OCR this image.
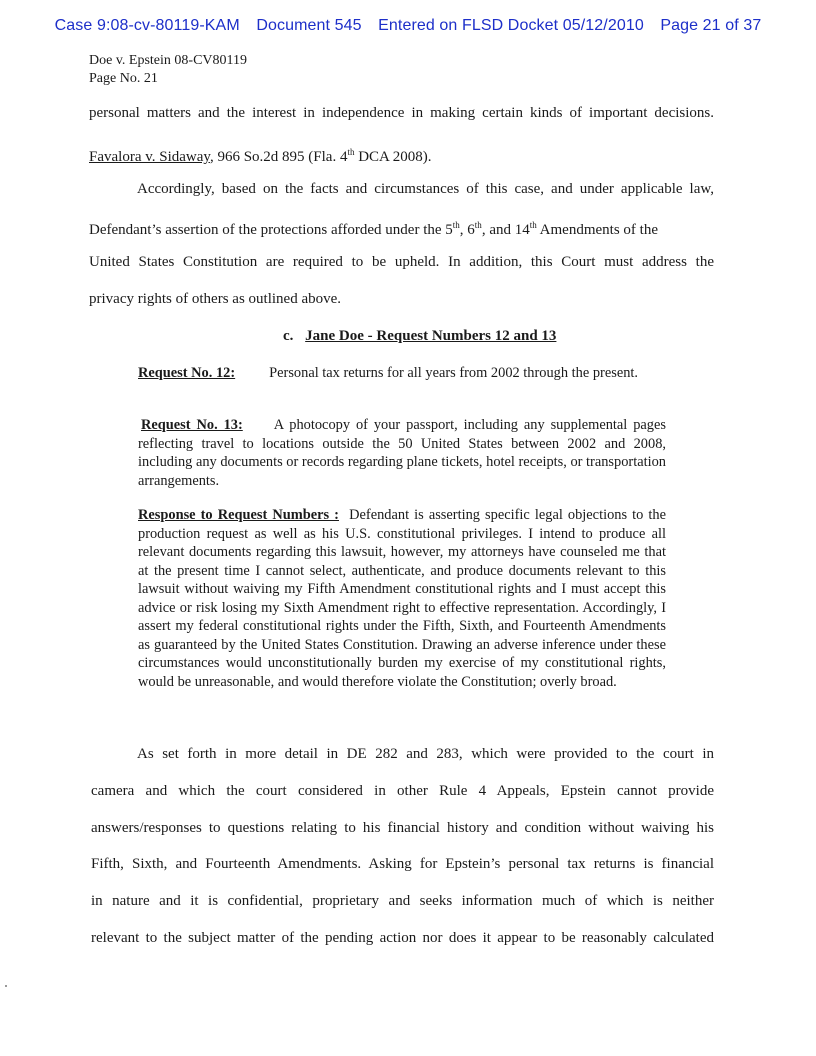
Case 9:08-cv-80119-KAM Document 545 Entered on FLSD Docket 05/12/2010 Page 21 of 37
Doe v. Epstein 08-CV80119
Page No. 21
personal matters and the interest in independence in making certain kinds of important decisions.
Favalora v. Sidaway, 966 So.2d 895 (Fla. 4th DCA 2008).
Accordingly, based on the facts and circumstances of this case, and under applicable law,
Defendant’s assertion of the protections afforded under the 5th, 6th, and 14th Amendments of the
United States Constitution are required to be upheld. In addition, this Court must address the
privacy rights of others as outlined above.
c. Jane Doe - Request Numbers 12 and 13
Request No. 12: Personal tax returns for all years from 2002 through the present.
Request No. 13: A photocopy of your passport, including any supplemental pages reflecting travel to locations outside the 50 United States between 2002 and 2008, including any documents or records regarding plane tickets, hotel receipts, or transportation arrangements.
Response to Request Numbers : Defendant is asserting specific legal objections to the production request as well as his U.S. constitutional privileges. I intend to produce all relevant documents regarding this lawsuit, however, my attorneys have counseled me that at the present time I cannot select, authenticate, and produce documents relevant to this lawsuit without waiving my Fifth Amendment constitutional rights and I must accept this advice or risk losing my Sixth Amendment right to effective representation. Accordingly, I assert my federal constitutional rights under the Fifth, Sixth, and Fourteenth Amendments as guaranteed by the United States Constitution. Drawing an adverse inference under these circumstances would unconstitutionally burden my exercise of my constitutional rights, would be unreasonable, and would therefore violate the Constitution; overly broad.
As set forth in more detail in DE 282 and 283, which were provided to the court in
camera and which the court considered in other Rule 4 Appeals, Epstein cannot provide
answers/responses to questions relating to his financial history and condition without waiving his
Fifth, Sixth, and Fourteenth Amendments. Asking for Epstein’s personal tax returns is financial
in nature and it is confidential, proprietary and seeks information much of which is neither
relevant to the subject matter of the pending action nor does it appear to be reasonably calculated
